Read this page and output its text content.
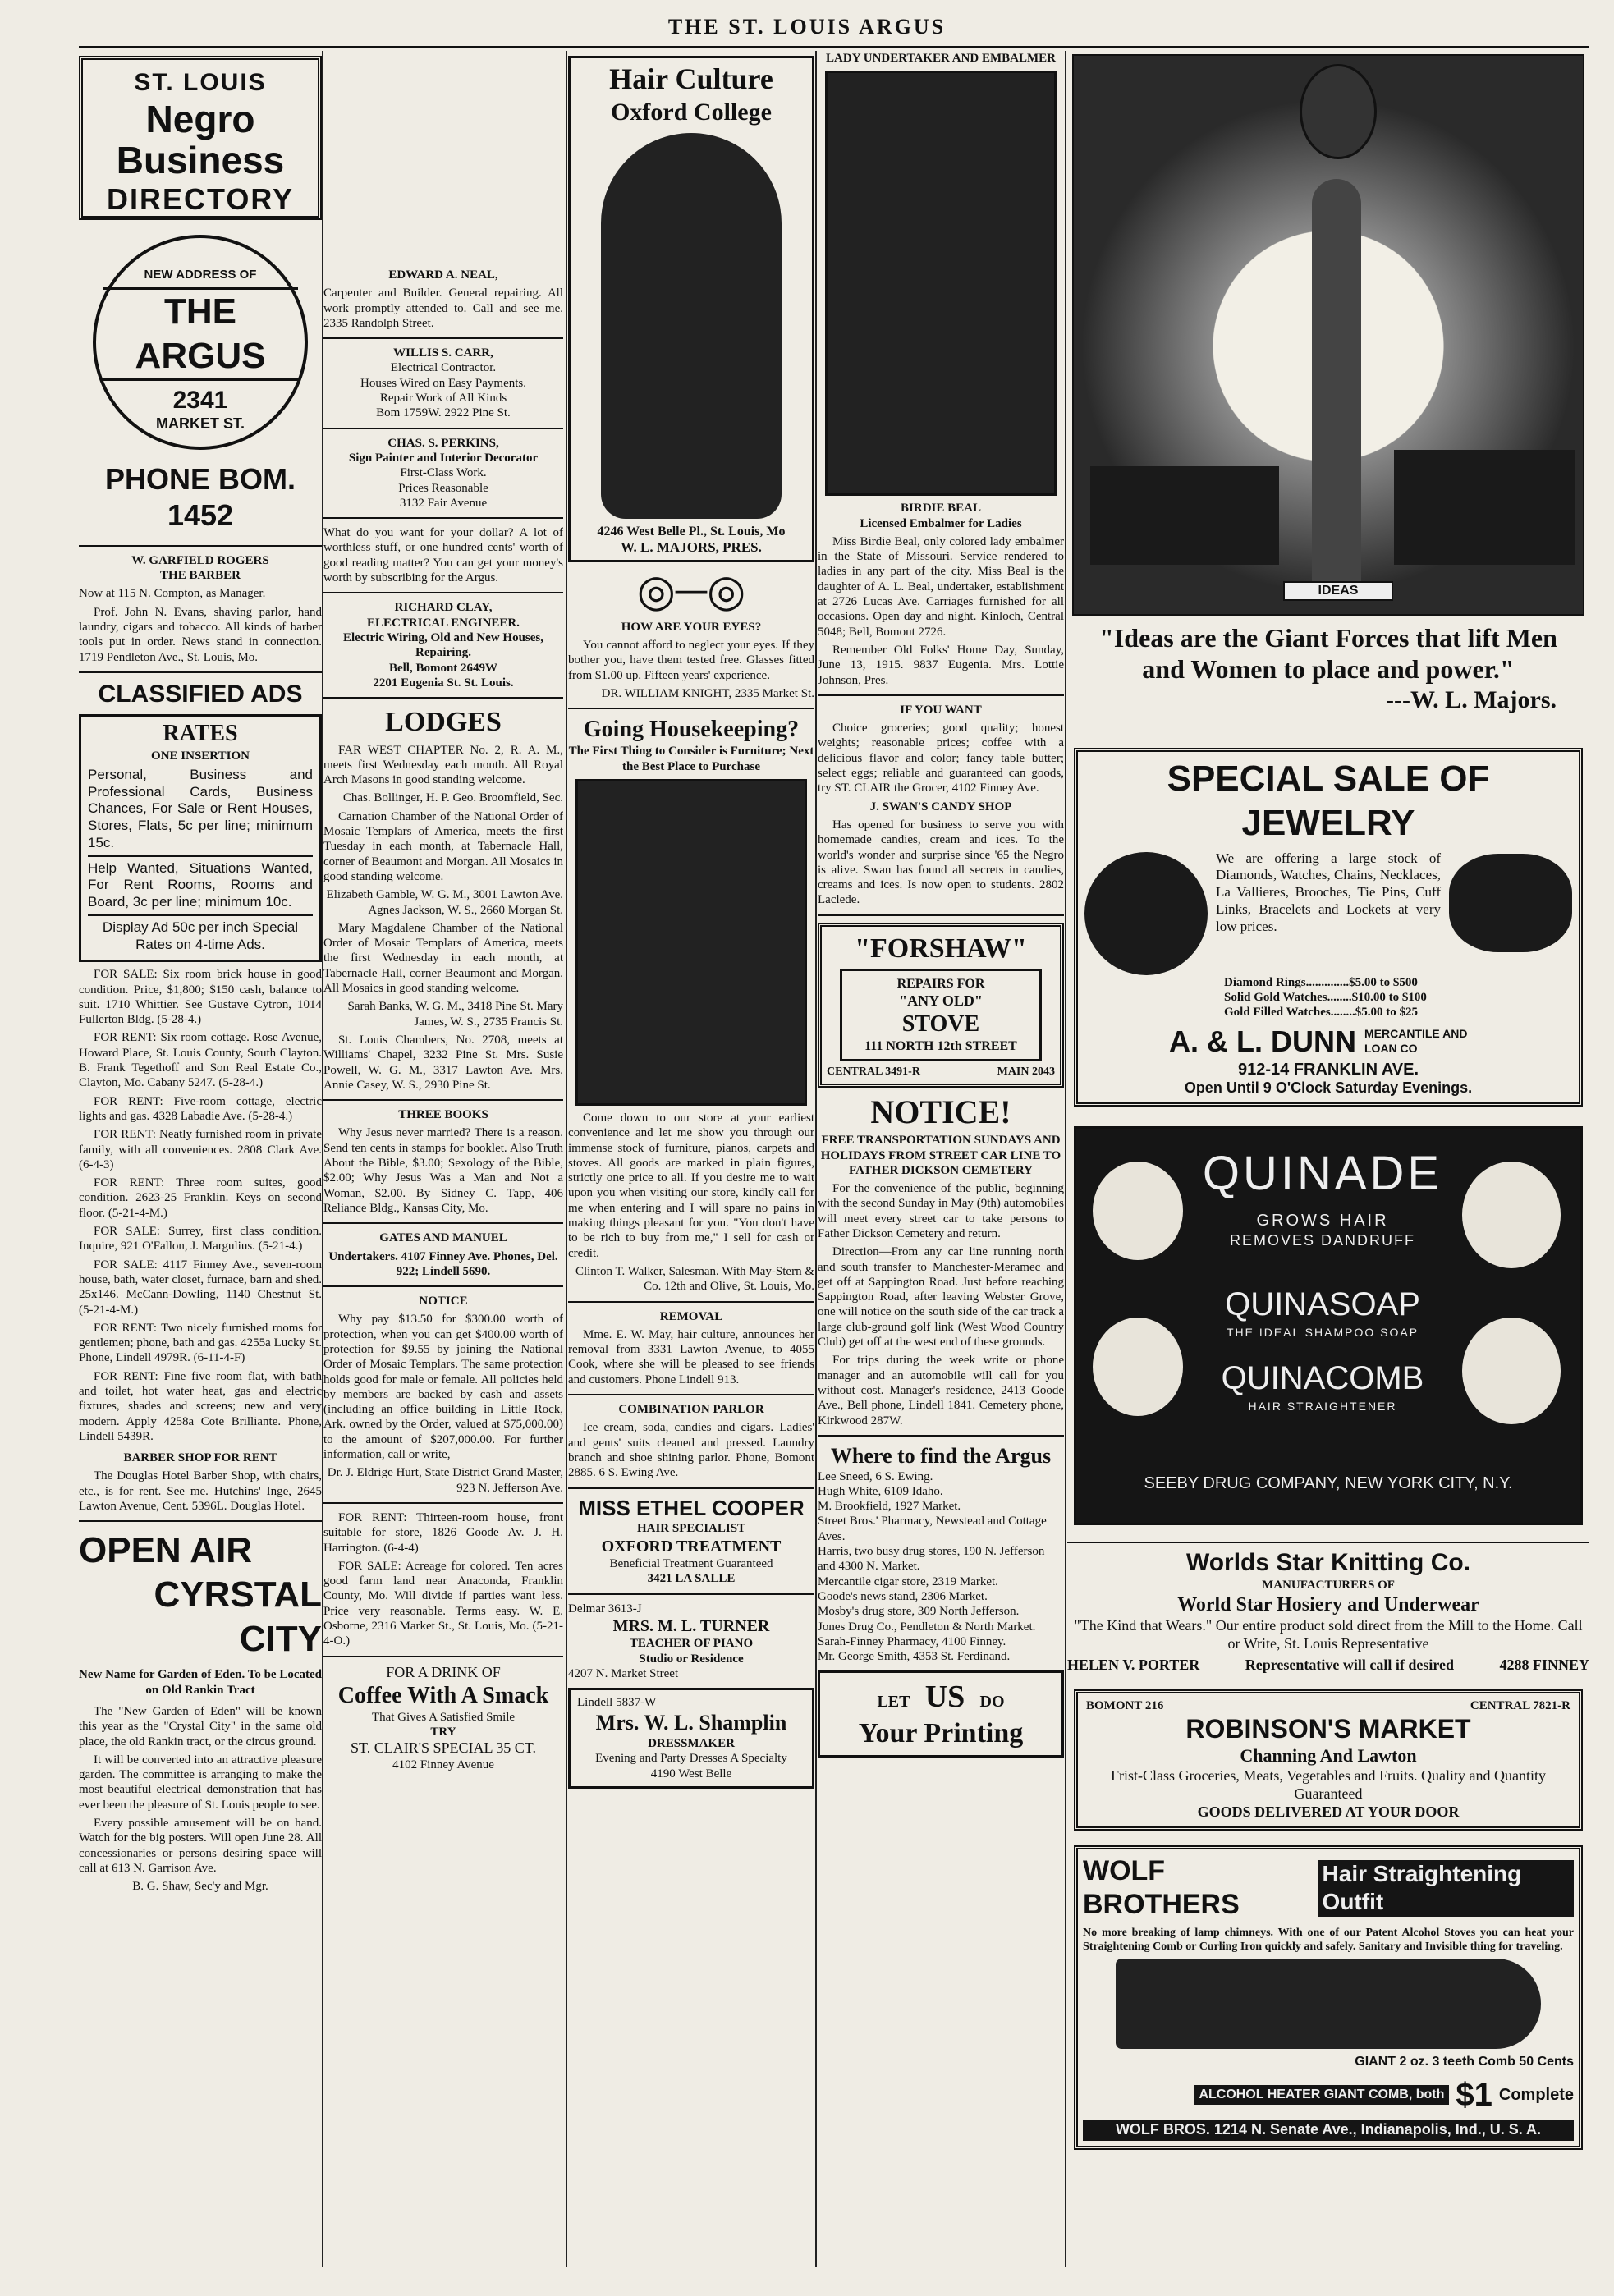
THE ST. LOUIS ARGUS
ST. LOUIS
Negro Business
DIRECTORY
NEW ADDRESS OF
THE ARGUS
2341
MARKET ST.
PHONE BOM. 1452
W. GARFIELD ROGERS
THE BARBER

Now at 115 N. Compton, as Manager.

Prof. John N. Evans, shaving parlor, hand laundry, cigars and tobacco. All kinds of barber tools put in order. News stand in connection. 1719 Pendleton Ave., St. Louis, Mo.

CLASSIFIED ADS
RATES
ONE INSERTION

Personal, Business and Professional Cards, Business Chances, For Sale or Rent Houses, Stores, Flats, 5c per line; minimum 15c.

Help Wanted, Situations Wanted, For Rent Rooms, Rooms and Board, 3c per line; minimum 10c.

Display Ad 50c per inch Special Rates on 4-time Ads.

FOR SALE: Six room brick house in good condition. Price, $1,800; $150 cash, balance to suit. 1710 Whittier. See Gustave Cytron, 1014 Fullerton Bldg. (5-28-4.)

FOR RENT: Six room cottage. Rose Avenue, Howard Place, St. Louis County, South Clayton. B. Frank Tegethoff and Son Real Estate Co., Clayton, Mo. Cabany 5247. (5-28-4.)

FOR RENT: Five-room cottage, electric lights and gas. 4328 Labadie Ave. (5-28-4.)

FOR RENT: Neatly furnished room in private family, with all conveniences. 2808 Clark Ave. (6-4-3)

FOR RENT: Three room suites, good condition. 2623-25 Franklin. Keys on second floor. (5-21-4-M.)

FOR SALE: Surrey, first class condition. Inquire, 921 O'Fallon, J. Margulius. (5-21-4.)

FOR SALE: 4117 Finney Ave., seven-room house, bath, water closet, furnace, barn and shed. 25x146. McCann-Dowling, 1140 Chestnut St. (5-21-4-M.)

FOR RENT: Two nicely furnished rooms for gentlemen; phone, bath and gas. 4255a Lucky St. Phone, Lindell 4979R. (6-11-4-F)

FOR RENT: Fine five room flat, with bath and toilet, hot water heat, gas and electric fixtures, shades and screens; new and very modern. Apply 4258a Cote Brilliante. Phone, Lindell 5439R.

BARBER SHOP FOR RENT

The Douglas Hotel Barber Shop, with chairs, etc., is for rent. See me. Hutchins' Inge, 2645 Lawton Avenue, Cent. 5396L. Douglas Hotel.

OPEN AIR
CYRSTAL CITY
New Name for Garden of Eden. To be Located on Old Rankin Tract

The "New Garden of Eden" will be known this year as the "Crystal City" in the same old place, the old Rankin tract, or the circus ground.

It will be converted into an attractive pleasure garden. The committee is arranging to make the most beautiful electrical demonstration that has ever been the pleasure of St. Louis people to see.

Every possible amusement will be on hand. Watch for the big posters. Will open June 28. All concessionaries or persons desiring space will call at 613 N. Garrison Ave.

B. G. Shaw, Sec'y and Mgr.

EDWARD A. NEAL,

Carpenter and Builder. General repairing. All work promptly attended to. Call and see me. 2335 Randolph Street.

WILLIS S. CARR,
Electrical Contractor.
Houses Wired on Easy Payments.
Repair Work of All Kinds
Bom 1759W. 2922 Pine St.
CHAS. S. PERKINS,
Sign Painter and Interior Decorator
First-Class Work.
Prices Reasonable
3132 Fair Avenue

What do you want for your dollar? A lot of worthless stuff, or one hundred cents' worth of good reading matter? You can get your money's worth by subscribing for the Argus.

RICHARD CLAY,
ELECTRICAL ENGINEER.
Electric Wiring, Old and New Houses, Repairing.
Bell, Bomont 2649W
2201 Eugenia St. St. Louis.
LODGES

FAR WEST CHAPTER No. 2, R. A. M., meets first Wednesday each month. All Royal Arch Masons in good standing welcome.

Chas. Bollinger, H. P. Geo. Broomfield, Sec.

Carnation Chamber of the National Order of Mosaic Templars of America, meets the first Tuesday in each month, at Tabernacle Hall, corner of Beaumont and Morgan. All Mosaics in good standing welcome.

Elizabeth Gamble, W. G. M., 3001 Lawton Ave. Agnes Jackson, W. S., 2660 Morgan St.

Mary Magdalene Chamber of the National Order of Mosaic Templars of America, meets the first Wednesday in each month, at Tabernacle Hall, corner Beaumont and Morgan. All Mosaics in good standing welcome.

Sarah Banks, W. G. M., 3418 Pine St. Mary James, W. S., 2735 Francis St.

St. Louis Chambers, No. 2708, meets at Williams' Chapel, 3232 Pine St. Mrs. Susie Powell, W. G. M., 3317 Lawton Ave. Mrs. Annie Casey, W. S., 2930 Pine St.

THREE BOOKS

Why Jesus never married? There is a reason. Send ten cents in stamps for booklet. Also Truth About the Bible, $3.00; Sexology of the Bible, $2.00; Why Jesus Was a Man and Not a Woman, $2.00. By Sidney C. Tapp, 406 Reliance Bldg., Kansas City, Mo.

GATES AND MANUEL

Undertakers. 4107 Finney Ave. Phones, Del. 922; Lindell 5690.

NOTICE

Why pay $13.50 for $300.00 worth of protection, when you can get $400.00 worth of protection for $9.55 by joining the National Order of Mosaic Templars. The same protection holds good for male or female. All policies held by members are backed by cash and assets (including an office building in Little Rock, Ark. owned by the Order, valued at $75,000.00) to the amount of $207,000.00. For further information, call or write,

Dr. J. Eldrige Hurt, State District Grand Master, 923 N. Jefferson Ave.

FOR RENT: Thirteen-room house, front suitable for store, 1826 Goode Av. J. H. Harrington. (6-4-4)

FOR SALE: Acreage for colored. Ten acres good farm land near Anaconda, Franklin County, Mo. Will divide if parties want less. Price very reasonable. Terms easy. W. E. Osborne, 2316 Market St., St. Louis, Mo. (5-21-4-O.)

FOR A DRINK OF
Coffee With A Smack
That Gives A Satisfied Smile
TRY
ST. CLAIR'S SPECIAL 35 CT.
4102 Finney Avenue
Hair Culture
Oxford College
4246 West Belle Pl., St. Louis, Mo
W. L. MAJORS, PRES.
◎─◎
HOW ARE YOUR EYES?

You cannot afford to neglect your eyes. If they bother you, have them tested free. Glasses fitted from $1.00 up. Fifteen years' experience.

DR. WILLIAM KNIGHT, 2335 Market St.

Going Housekeeping?
The First Thing to Consider is Furniture; Next the Best Place to Purchase

Come down to our store at your earliest convenience and let me show you through our immense stock of furniture, pianos, carpets and stoves. All goods are marked in plain figures, strictly one price to all. If you desire me to wait upon you when visiting our store, kindly call for me when entering and I will spare no pains in making things pleasant for you. "You don't have to be rich to buy from me," I sell for cash or credit.

Clinton T. Walker, Salesman. With May-Stern & Co. 12th and Olive, St. Louis, Mo.

REMOVAL

Mme. E. W. May, hair culture, announces her removal from 3331 Lawton Avenue, to 4055 Cook, where she will be pleased to see friends and customers. Phone Lindell 913.

COMBINATION PARLOR

Ice cream, soda, candies and cigars. Ladies' and gents' suits cleaned and pressed. Laundry branch and shoe shining parlor. Phone, Bomont 2885. 6 S. Ewing Ave.

MISS ETHEL COOPER
HAIR SPECIALIST
OXFORD TREATMENT
Beneficial Treatment Guaranteed
3421 LA SALLE
Delmar 3613-J
MRS. M. L. TURNER
TEACHER OF PIANO
Studio or Residence
4207 N. Market Street
Lindell 5837-W
Mrs. W. L. Shamplin
DRESSMAKER
Evening and Party Dresses A Specialty
4190 West Belle
LADY UNDERTAKER AND EMBALMER
BIRDIE BEAL
Licensed Embalmer for Ladies

Miss Birdie Beal, only colored lady embalmer in the State of Missouri. Service rendered to ladies in any part of the city. Miss Beal is the daughter of A. L. Beal, undertaker, establishment at 2726 Lucas Ave. Carriages furnished for all occasions. Open day and night. Kinloch, Central 5048; Bell, Bomont 2726.

Remember Old Folks' Home Day, Sunday, June 13, 1915. 9837 Eugenia. Mrs. Lottie Johnson, Pres.

IF YOU WANT

Choice groceries; good quality; honest weights; reasonable prices; coffee with a delicious flavor and color; fancy table butter; select eggs; reliable and guaranteed can goods, try ST. CLAIR the Grocer, 4102 Finney Ave.

J. SWAN'S CANDY SHOP

Has opened for business to serve you with homemade candies, cream and ices. To the world's wonder and surprise since '65 the Negro is alive. Swan has found all secrets in candies, creams and ices. Is now open to students. 2802 Laclede.

"FORSHAW"
REPAIRS FOR
"ANY OLD"
STOVE
111 NORTH 12th STREET
CENTRAL 3491-R	MAIN 2043
NOTICE!
FREE TRANSPORTATION SUNDAYS AND HOLIDAYS FROM STREET CAR LINE TO FATHER DICKSON CEMETERY

For the convenience of the public, beginning with the second Sunday in May (9th) automobiles will meet every street car to take persons to Father Dickson Cemetery and return.

Direction—From any car line running north and south transfer to Manchester-Meramec and get off at Sappington Road. Just before reaching Sappington Road, after leaving Webster Grove, one will notice on the south side of the car track a large club-ground golf link (West Wood Country Club) get off at the west end of these grounds.

For trips during the week write or phone manager and an automobile will call for you without cost. Manager's residence, 2413 Goode Ave., Bell phone, Lindell 1841. Cemetery phone, Kirkwood 287W.

Where to find the Argus
Lee Sneed, 6 S. Ewing.
Hugh White, 6109 Idaho.
M. Brookfield, 1927 Market.
Street Bros.' Pharmacy, Newstead and Cottage Aves.
Harris, two busy drug stores, 190 N. Jefferson and 4300 N. Market.
Mercantile cigar store, 2319 Market.
Goode's news stand, 2306 Market.
Mosby's drug store, 309 North Jefferson.
Jones Drug Co., Pendleton & North Market.
Sarah-Finney Pharmacy, 4100 Finney.
Mr. George Smith, 4353 St. Ferdinand.
LET US DO
Your Printing
IDEAS
"Ideas are the Giant Forces that lift Men and Women to place and power."
---W. L. Majors.
SPECIAL SALE OF JEWELRY

We are offering a large stock of Diamonds, Watches, Chains, Necklaces, La Vallieres, Brooches, Tie Pins, Cuff Links, Bracelets and Lockets at very low prices.

Diamond Rings..............$5.00 to $500
Solid Gold Watches........$10.00 to $100
Gold Filled Watches........$5.00 to $25
A. & L. DUNN MERCANTILE AND LOAN CO
912-14 FRANKLIN AVE.
Open Until 9 O'Clock Saturday Evenings.
QUINADE
GROWS HAIR
REMOVES DANDRUFF
QUINASOAP
THE IDEAL SHAMPOO SOAP
QUINACOMB
HAIR STRAIGHTENER
SEEBY DRUG COMPANY, NEW YORK CITY, N.Y.
Worlds Star Knitting Co.
MANUFACTURERS OF
World Star Hosiery and Underwear
"The Kind that Wears." Our entire product sold direct from the Mill to the Home. Call or Write, St. Louis Representative
HELEN V. PORTER	Representative will call if desired	4288 FINNEY
BOMONT 216	CENTRAL 7821-R
ROBINSON'S MARKET
Channing And Lawton
Frist-Class Groceries, Meats, Vegetables and Fruits. Quality and Quantity Guaranteed
GOODS DELIVERED AT YOUR DOOR
WOLF BROTHERS
Hair Straightening Outfit

No more breaking of lamp chimneys. With one of our Patent Alcohol Stoves you can heat your Straightening Comb or Curling Iron quickly and safely. Sanitary and Invisible thing for traveling.

GIANT 2 oz. 3 teeth Comb 50 Cents
ALCOHOL HEATER GIANT COMB, both $1 Complete
WOLF BROS. 1214 N. Senate Ave., Indianapolis, Ind., U. S. A.
